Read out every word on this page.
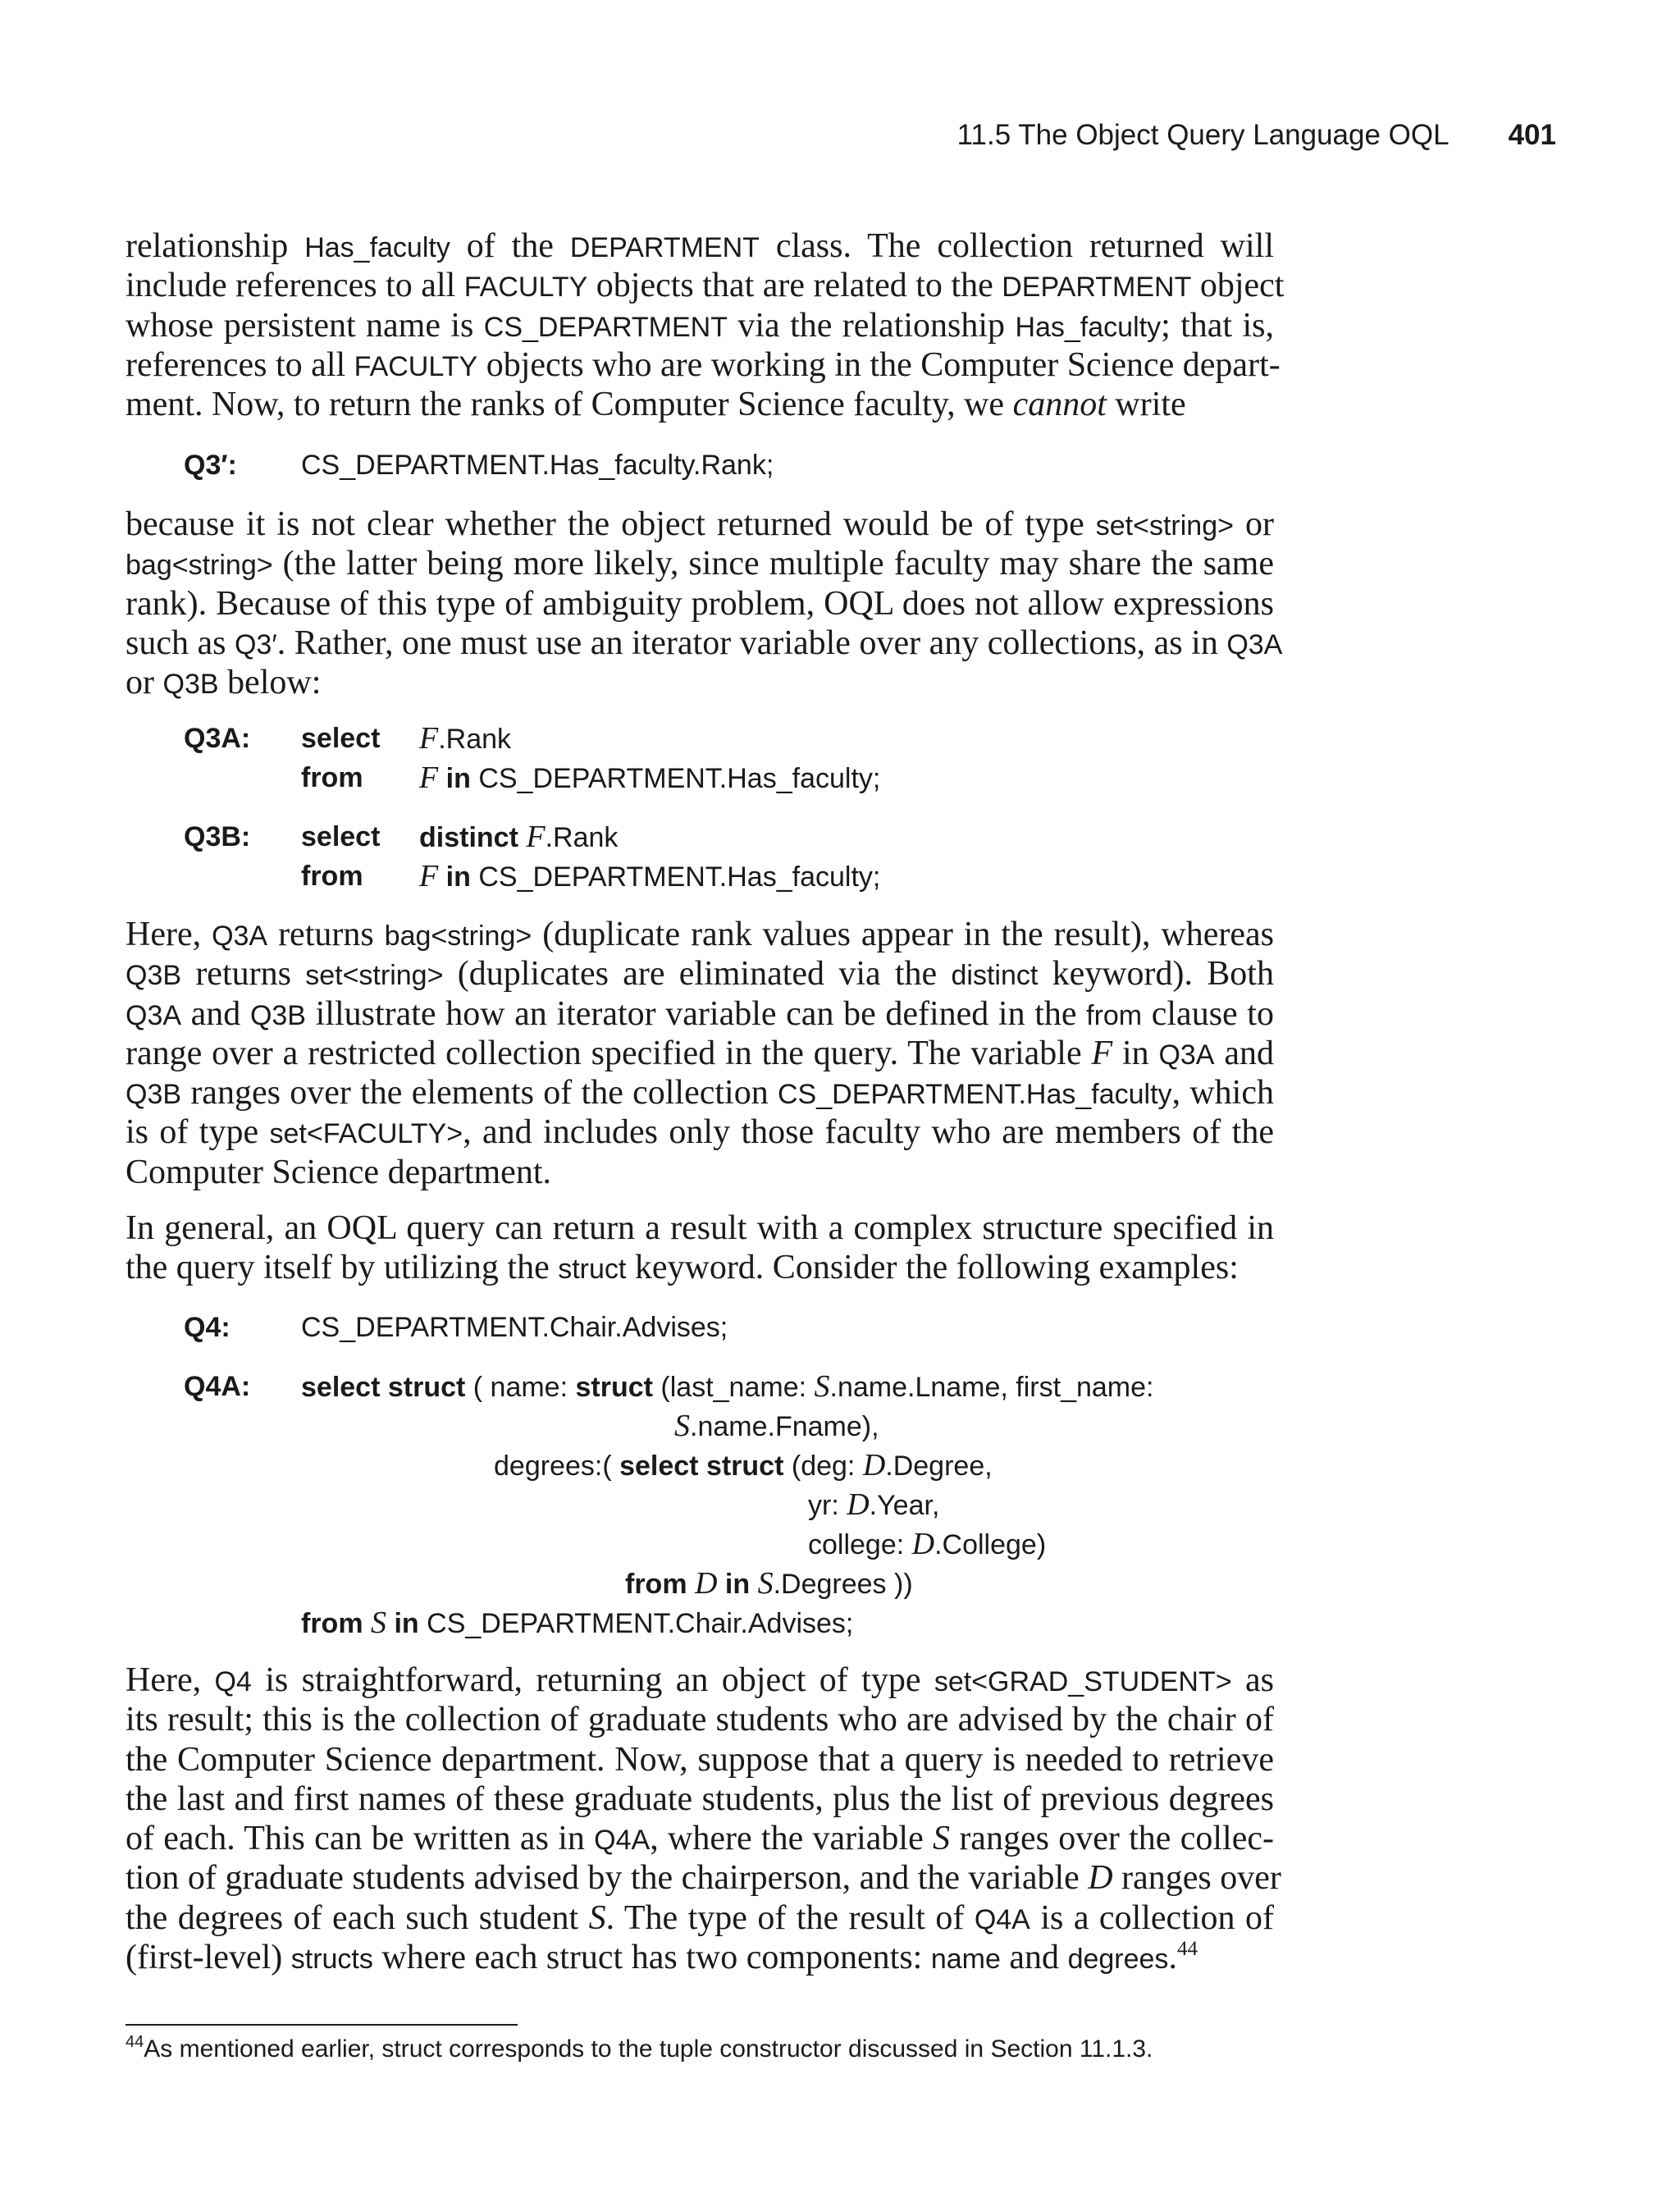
11.5 The Object Query Language OQL 401
relationship Has_faculty of the DEPARTMENT class. The collection returned will
include references to all FACULTY objects that are related to the DEPARTMENT object
whose persistent name is CS_DEPARTMENT via the relationship Has_faculty; that is,
references to all FACULTY objects who are working in the Computer Science depart-
ment. Now, to return the ranks of Computer Science faculty, we cannot write
Q3′: CS_DEPARTMENT.Has_faculty.Rank;
because it is not clear whether the object returned would be of type set<string> or
bag<string> (the latter being more likely, since multiple faculty may share the same
rank). Because of this type of ambiguity problem, OQL does not allow expressions
such as Q3′. Rather, one must use an iterator variable over any collections, as in Q3A
or Q3B below:
Q3A: select F.Rank
from F in CS_DEPARTMENT.Has_faculty;
Q3B: select distinct F.Rank
from F in CS_DEPARTMENT.Has_faculty;
Here, Q3A returns bag<string> (duplicate rank values appear in the result), whereas
Q3B returns set<string> (duplicates are eliminated via the distinct keyword). Both
Q3A and Q3B illustrate how an iterator variable can be defined in the from clause to
range over a restricted collection specified in the query. The variable F in Q3A and
Q3B ranges over the elements of the collection CS_DEPARTMENT.Has_faculty, which
is of type set<FACULTY>, and includes only those faculty who are members of the
Computer Science department.
In general, an OQL query can return a result with a complex structure specified in
the query itself by utilizing the struct keyword. Consider the following examples:
Q4:	CS_DEPARTMENT.Chair.Advises;
Q4A: select struct ( name: struct (last_name: S.name.Lname, first_name:
S.name.Fname),
degrees:( select struct (deg: D.Degree,
yr: D.Year,
college: D.College)
from D in S.Degrees ))
from S in CS_DEPARTMENT.Chair.Advises;
Here, Q4 is straightforward, returning an object of type set<GRAD_STUDENT> as
its result; this is the collection of graduate students who are advised by the chair of
the Computer Science department. Now, suppose that a query is needed to retrieve
the last and first names of these graduate students, plus the list of previous degrees
of each. This can be written as in Q4A, where the variable S ranges over the collec-
tion of graduate students advised by the chairperson, and the variable D ranges over
the degrees of each such student S. The type of the result of Q4A is a collection of
(first-level) structs where each struct has two components: name and degrees.$^{44}$
$^{44}$As mentioned earlier, struct corresponds to the tuple constructor discussed in Section 11.1.3.
